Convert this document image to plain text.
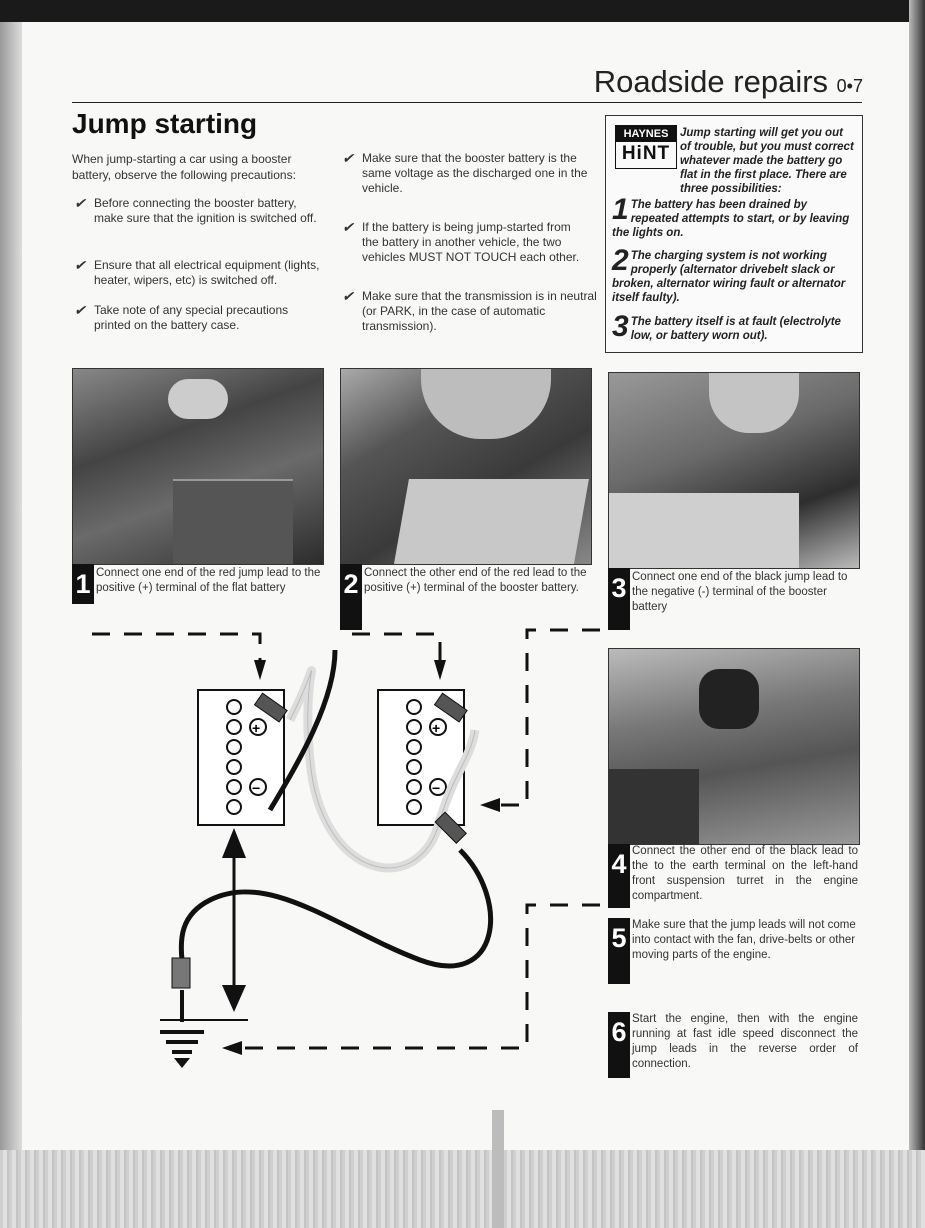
Roadside repairs 0•7
Jump starting
When jump-starting a car using a booster battery, observe the following precautions:
✔ Before connecting the booster battery, make sure that the ignition is switched off.
✔ Ensure that all electrical equipment (lights, heater, wipers, etc) is switched off.
✔ Take note of any special precautions printed on the battery case.
✔ Make sure that the booster battery is the same voltage as the discharged one in the vehicle.
✔ If the battery is being jump-started from the battery in another vehicle, the two vehicles MUST NOT TOUCH each other.
✔ Make sure that the transmission is in neutral (or PARK, in the case of automatic transmission).
HAYNES
HiNT

Jump starting will get you out of trouble, but you must correct whatever made the battery go flat in the first place. There are three possibilities:

1 The battery has been drained by repeated attempts to start, or by leaving the lights on.

2 The charging system is not working properly (alternator drivebelt slack or broken, alternator wiring fault or alternator itself faulty).

3 The battery itself is at fault (electrolyte low, or battery worn out).

1 Connect one end of the red jump lead to the positive (+) terminal of the flat battery	2 Connect the other end of the red lead to the positive (+) terminal of the booster battery.	3 Connect one end of the black jump lead to the negative (-) terminal of the booster battery
4 Connect the other end of the black lead to the to the earth terminal on the left-hand front suspension turret in the engine compartment.
5 Make sure that the jump leads will not come into contact with the fan, drive-belts or other moving parts of the engine.
6 Start the engine, then with the engine running at fast idle speed disconnect the jump leads in the reverse order of connection.
+
−
+
−
